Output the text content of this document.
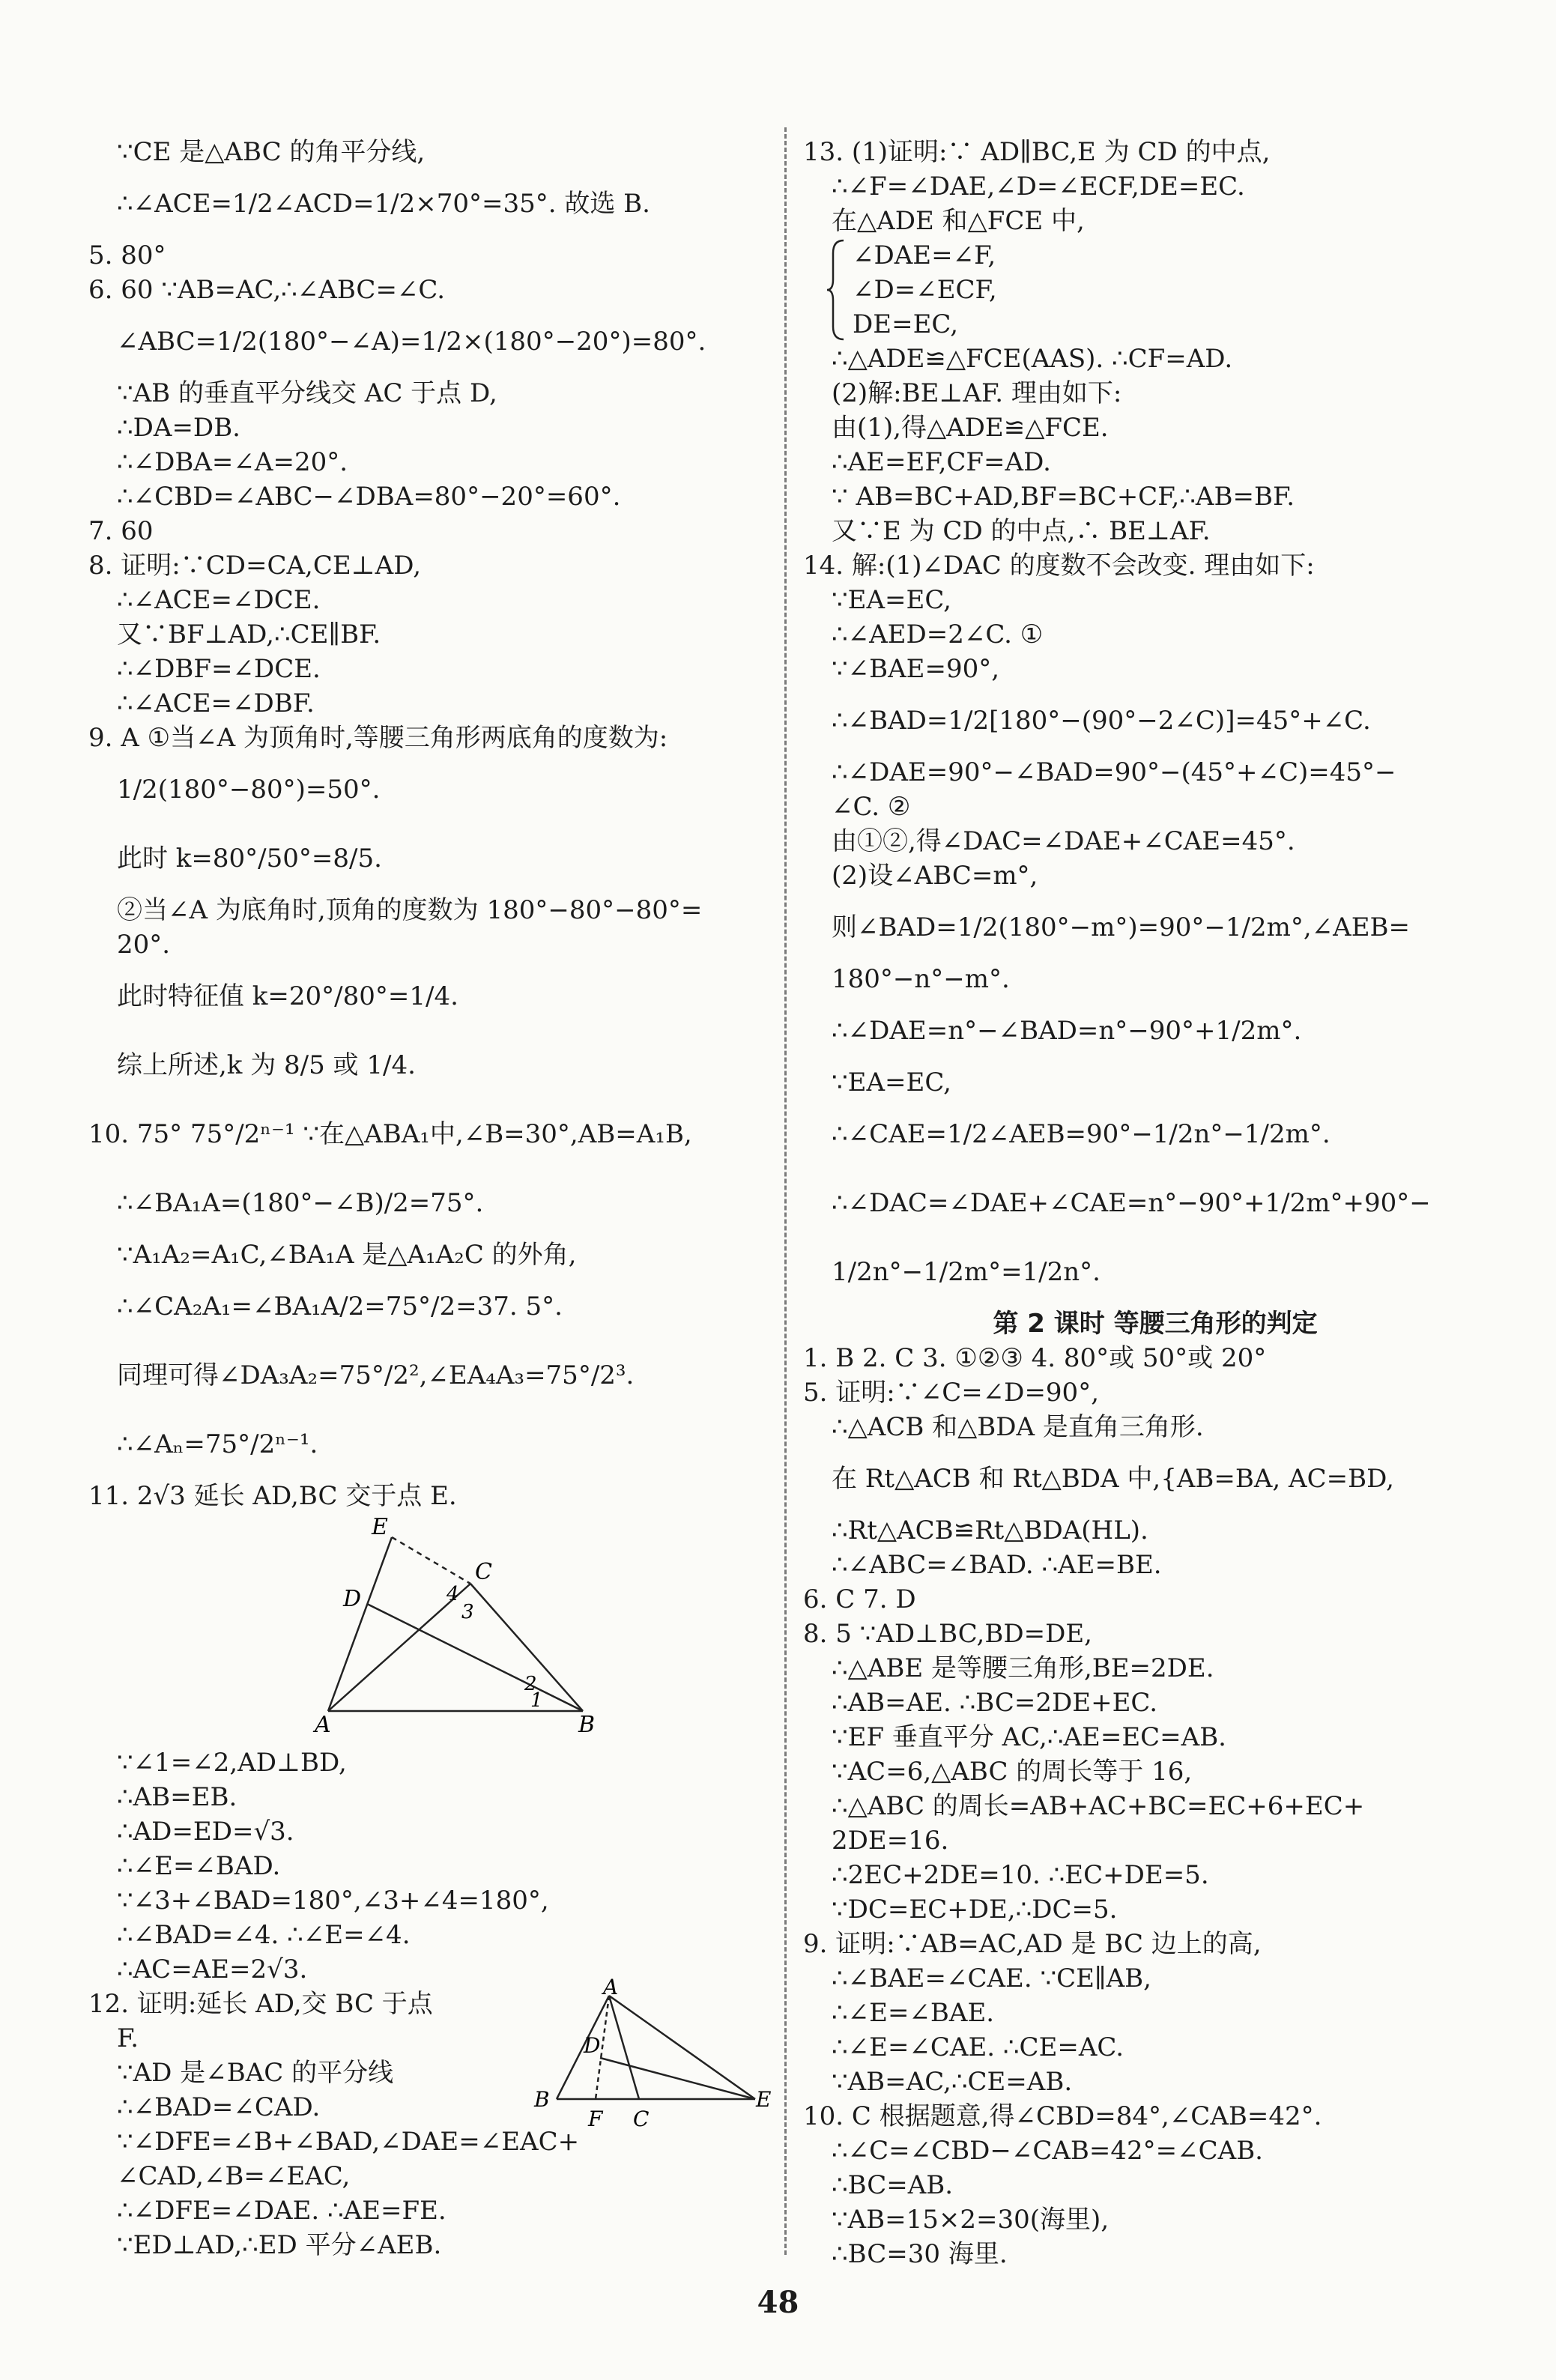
∵CE 是△ABC 的角平分线,
∴∠ACE=1/2∠ACD=1/2×70°=35°. 故选 B.
5. 80°
6. 60 ∵AB=AC,∴∠ABC=∠C.
∠ABC=1/2(180°−∠A)=1/2×(180°−20°)=80°.
∵AB 的垂直平分线交 AC 于点 D,
∴DA=DB.
∴∠DBA=∠A=20°.
∴∠CBD=∠ABC−∠DBA=80°−20°=60°.
7. 60
8. 证明:∵CD=CA,CE⊥AD,
∴∠ACE=∠DCE.
又∵BF⊥AD,∴CE∥BF.
∴∠DBF=∠DCE.
∴∠ACE=∠DBF.
9. A ①当∠A 为顶角时,等腰三角形两底角的度数为:
1/2(180°−80°)=50°.
此时 k=80°/50°=8/5.
②当∠A 为底角时,顶角的度数为 180°−80°−80°=
20°.
此时特征值 k=20°/80°=1/4.
综上所述,k 为 8/5 或 1/4.
10. 75° 75°/2ⁿ⁻¹ ∵在△ABA₁中,∠B=30°,AB=A₁B,
∴∠BA₁A=(180°−∠B)/2=75°.
∵A₁A₂=A₁C,∠BA₁A 是△A₁A₂C 的外角,
∴∠CA₂A₁=∠BA₁A/2=75°/2=37. 5°.
同理可得∠DA₃A₂=75°/2²,∠EA₄A₃=75°/2³.
∴∠Aₙ=75°/2ⁿ⁻¹.
11. 2√3 延长 AD,BC 交于点 E.
E
C
D	4
3
2
1
A	B
∵∠1=∠2,AD⊥BD,
∴AB=EB.
∴AD=ED=√3.
∴∠E=∠BAD.
∵∠3+∠BAD=180°,∠3+∠4=180°,
∴∠BAD=∠4. ∴∠E=∠4.
∴AC=AE=2√3.
A
D
B
F C
E
12. 证明:延长 AD,交 BC 于点
F.
∵AD 是∠BAC 的平分线
∴∠BAD=∠CAD.
∵∠DFE=∠B+∠BAD,∠DAE=∠EAC+
∠CAD,∠B=∠EAC,
∴∠DFE=∠DAE. ∴AE=FE.
∵ED⊥AD,∴ED 平分∠AEB.
13. (1)证明:∵ AD∥BC,E 为 CD 的中点,
∴∠F=∠DAE,∠D=∠ECF,DE=EC.
在△ADE 和△FCE 中,
∠DAE=∠F,
∠D=∠ECF,
DE=EC,
∴△ADE≌△FCE(AAS). ∴CF=AD.
(2)解:BE⊥AF. 理由如下:
由(1),得△ADE≌△FCE.
∴AE=EF,CF=AD.
∵ AB=BC+AD,BF=BC+CF,∴AB=BF.
又∵E 为 CD 的中点,∴ BE⊥AF.
14. 解:(1)∠DAC 的度数不会改变. 理由如下:
∵EA=EC,
∴∠AED=2∠C. ①
∵∠BAE=90°,
∴∠BAD=1/2[180°−(90°−2∠C)]=45°+∠C.
∴∠DAE=90°−∠BAD=90°−(45°+∠C)=45°−
∠C. ②
由①②,得∠DAC=∠DAE+∠CAE=45°.
(2)设∠ABC=m°,
则∠BAD=1/2(180°−m°)=90°−1/2m°,∠AEB=
180°−n°−m°.
∴∠DAE=n°−∠BAD=n°−90°+1/2m°.
∵EA=EC,
∴∠CAE=1/2∠AEB=90°−1/2n°−1/2m°.
∴∠DAC=∠DAE+∠CAE=n°−90°+1/2m°+90°−
1/2n°−1/2m°=1/2n°.
第 2 课时 等腰三角形的判定
1. B 2. C 3. ①②③ 4. 80°或 50°或 20°
5. 证明:∵∠C=∠D=90°,
∴△ACB 和△BDA 是直角三角形.
在 Rt△ACB 和 Rt△BDA 中,{AB=BA, AC=BD,
∴Rt△ACB≌Rt△BDA(HL).
∴∠ABC=∠BAD. ∴AE=BE.
6. C 7. D
8. 5 ∵AD⊥BC,BD=DE,
∴△ABE 是等腰三角形,BE=2DE.
∴AB=AE. ∴BC=2DE+EC.
∵EF 垂直平分 AC,∴AE=EC=AB.
∵AC=6,△ABC 的周长等于 16,
∴△ABC 的周长=AB+AC+BC=EC+6+EC+
2DE=16.
∴2EC+2DE=10. ∴EC+DE=5.
∵DC=EC+DE,∴DC=5.
9. 证明:∵AB=AC,AD 是 BC 边上的高,
∴∠BAE=∠CAE. ∵CE∥AB,
∴∠E=∠BAE.
∴∠E=∠CAE. ∴CE=AC.
∵AB=AC,∴CE=AB.
10. C 根据题意,得∠CBD=84°,∠CAB=42°.
∴∠C=∠CBD−∠CAB=42°=∠CAB.
∴BC=AB.
∵AB=15×2=30(海里),
∴BC=30 海里.
48
